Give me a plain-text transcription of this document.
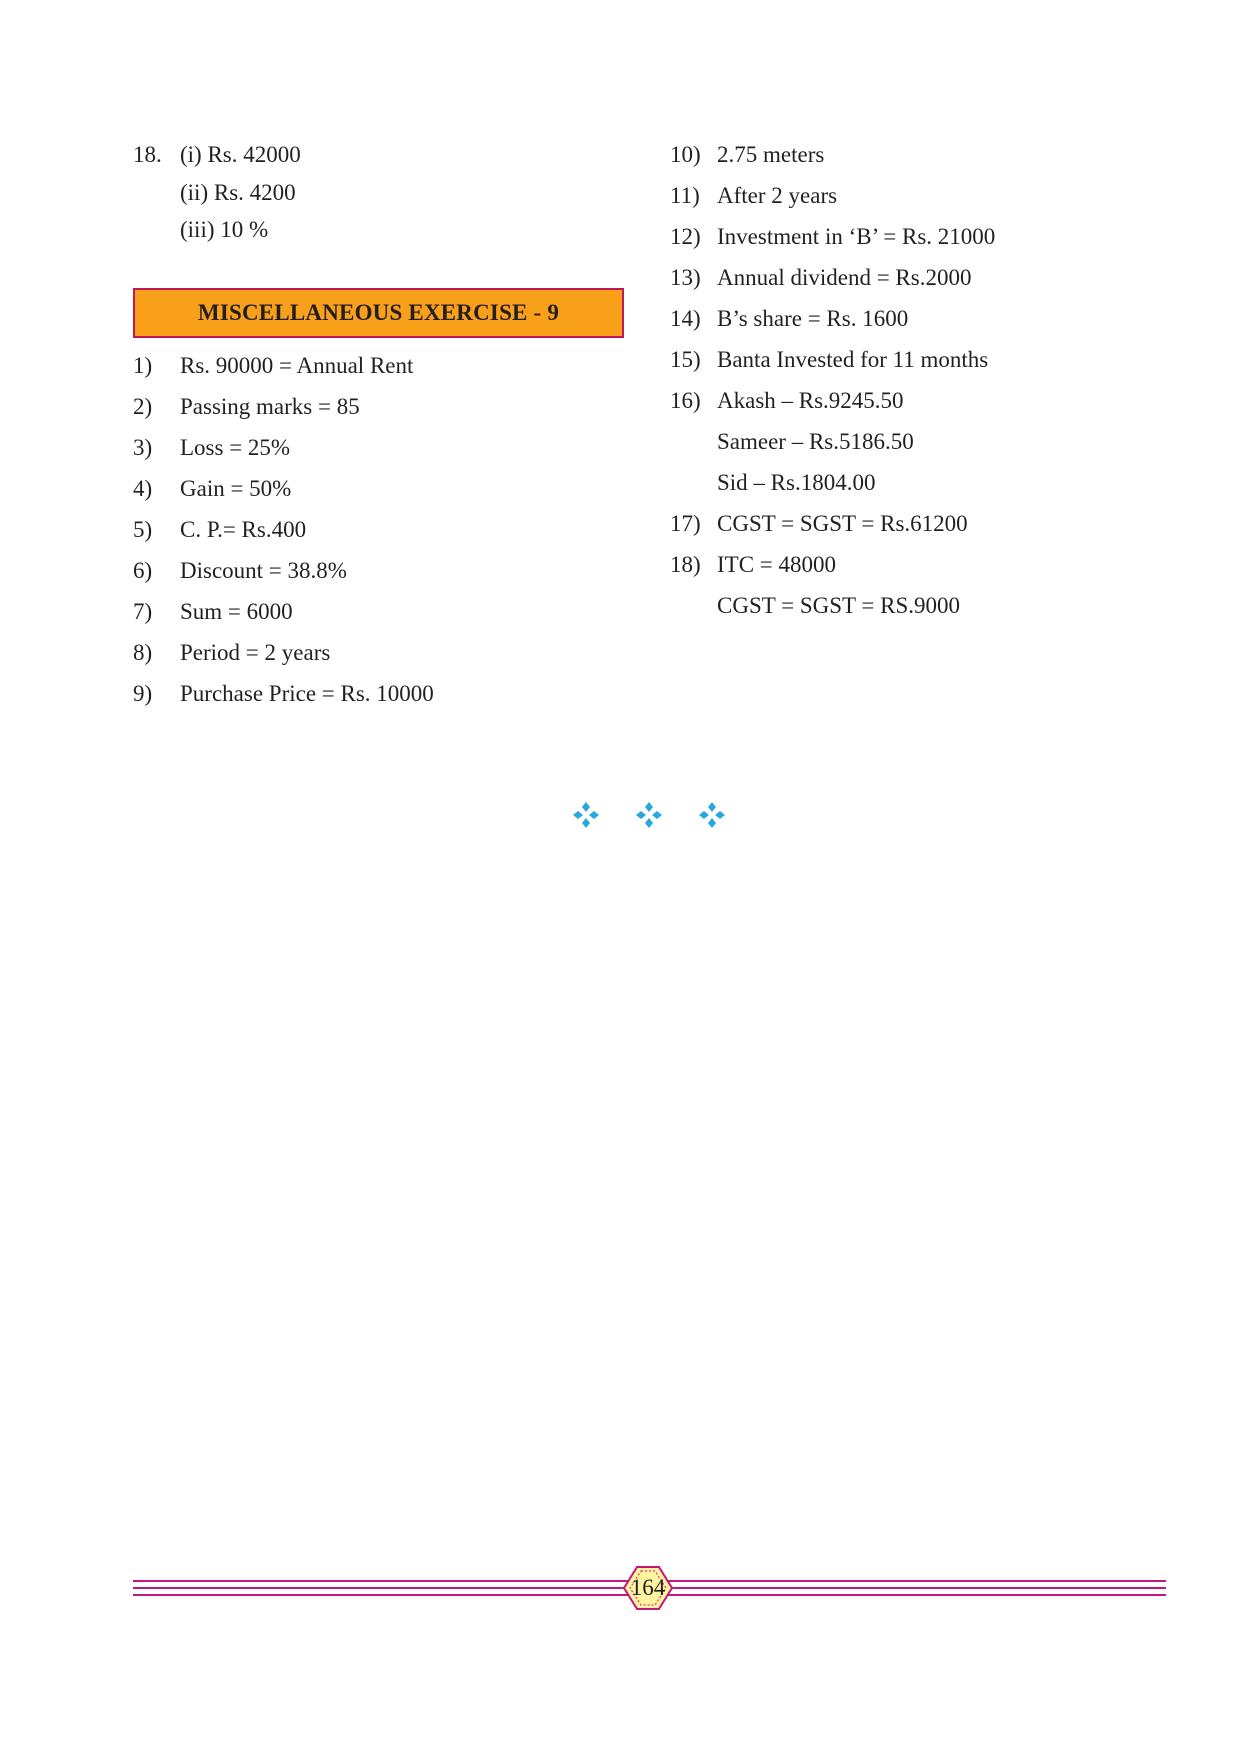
18. (i) Rs. 42000
(ii) Rs. 4200
(iii) 10 %
MISCELLANEOUS EXERCISE - 9
1) Rs. 90000 = Annual Rent
2) Passing marks = 85
3) Loss = 25%
4) Gain = 50%
5) C. P.= Rs.400
6) Discount = 38.8%
7) Sum = 6000
8) Period = 2 years
9) Purchase Price = Rs. 10000
10) 2.75 meters
11) After 2 years
12) Investment in ‘B’ = Rs. 21000
13) Annual dividend = Rs.2000
14) B’s share = Rs. 1600
15) Banta Invested for 11 months
16) Akash – Rs.9245.50
Sameer – Rs.5186.50
Sid – Rs.1804.00
17) CGST = SGST = Rs.61200
18) ITC = 48000
CGST = SGST = RS.9000
164
